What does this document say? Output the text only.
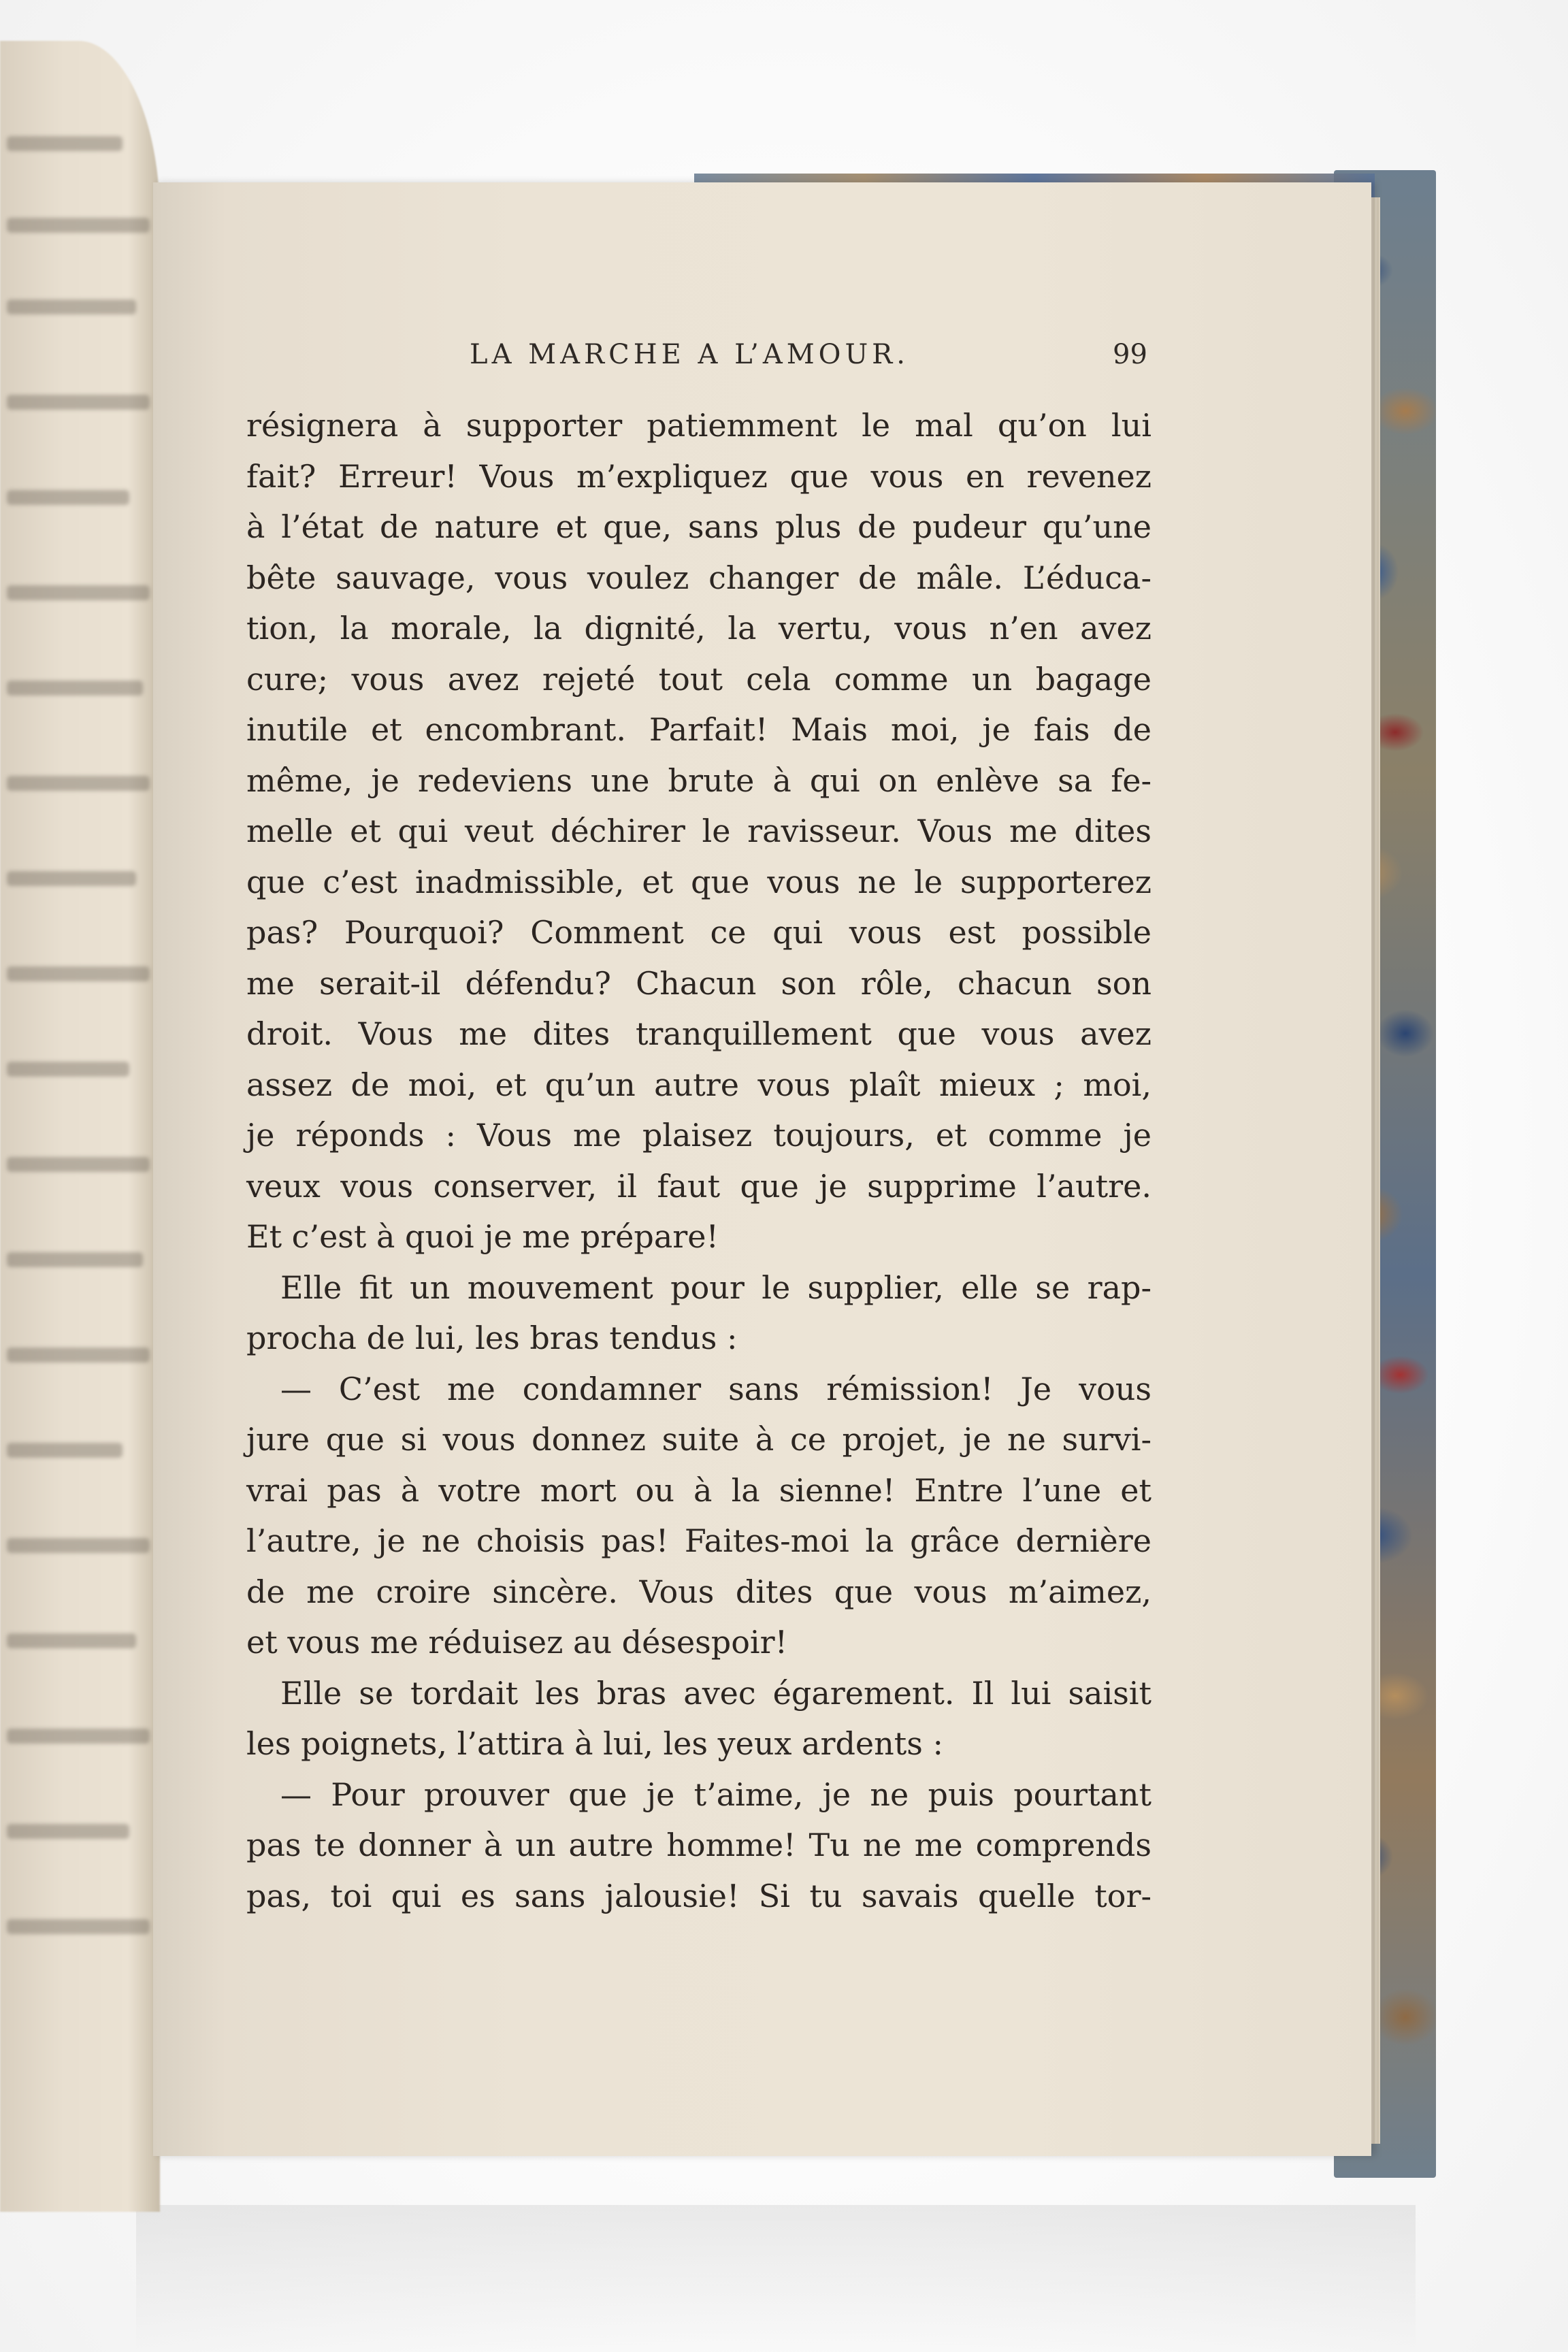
LA MARCHE A L’AMOUR.	99
résignera à supporter patiemment le mal qu’on lui
fait? Erreur! Vous m’expliquez que vous en revenez
à l’état de nature et que, sans plus de pudeur qu’une
bête sauvage, vous voulez changer de mâle. L’éduca-
tion, la morale, la dignité, la vertu, vous n’en avez
cure; vous avez rejeté tout cela comme un bagage
inutile et encombrant. Parfait! Mais moi, je fais de
même, je redeviens une brute à qui on enlève sa fe-
melle et qui veut déchirer le ravisseur. Vous me dites
que c’est inadmissible, et que vous ne le supporterez
pas? Pourquoi? Comment ce qui vous est possible
me serait-il défendu? Chacun son rôle, chacun son
droit. Vous me dites tranquillement que vous avez
assez de moi, et qu’un autre vous plaît mieux ; moi,
je réponds : Vous me plaisez toujours, et comme je
veux vous conserver, il faut que je supprime l’autre.
Et c’est à quoi je me prépare!
Elle fit un mouvement pour le supplier, elle se rap-
procha de lui, les bras tendus :
— C’est me condamner sans rémission! Je vous
jure que si vous donnez suite à ce projet, je ne survi-
vrai pas à votre mort ou à la sienne! Entre l’une et
l’autre, je ne choisis pas! Faites-moi la grâce dernière
de me croire sincère. Vous dites que vous m’aimez,
et vous me réduisez au désespoir!
Elle se tordait les bras avec égarement. Il lui saisit
les poignets, l’attira à lui, les yeux ardents :
— Pour prouver que je t’aime, je ne puis pourtant
pas te donner à un autre homme! Tu ne me comprends
pas, toi qui es sans jalousie! Si tu savais quelle tor-
